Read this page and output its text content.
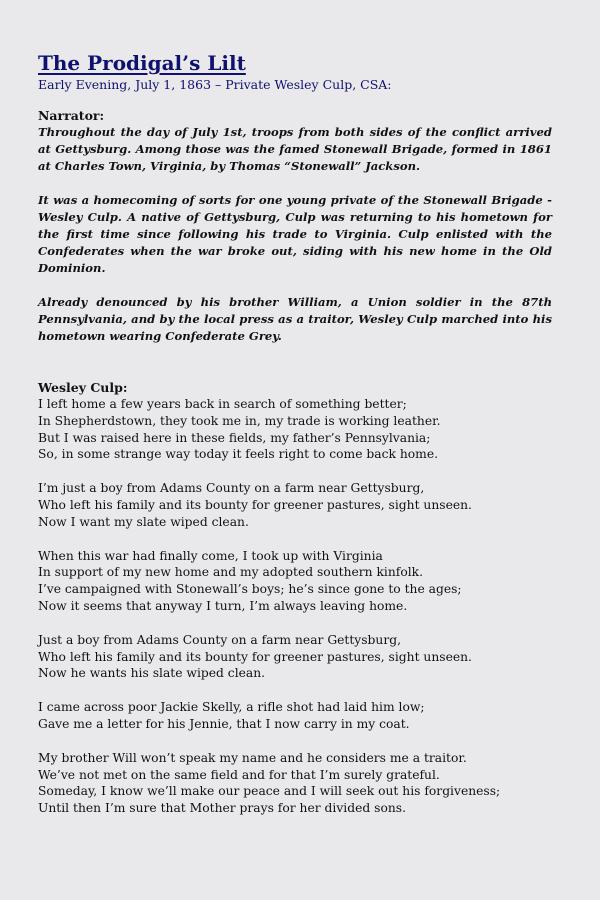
The Prodigal’s Lilt

Early Evening, July 1, 1863 – Private Wesley Culp, CSA:

Narrator:

Throughout the day of July 1st, troops from both sides of the conflict arrived at Gettysburg. Among those was the famed Stonewall Brigade, formed in 1861 at Charles Town, Virginia, by Thomas “Stonewall” Jackson.

It was a homecoming of sorts for one young private of the Stonewall Brigade - Wesley Culp. A native of Gettysburg, Culp was returning to his hometown for the first time since following his trade to Virginia. Culp enlisted with the Confederates when the war broke out, siding with his new home in the Old Dominion.

Already denounced by his brother William, a Union soldier in the 87th Pennsylvania, and by the local press as a traitor, Wesley Culp marched into his hometown wearing Confederate Grey.

Wesley Culp:

I left home a few years back in search of something better;
In Shepherdstown, they took me in, my trade is working leather.
But I was raised here in these fields, my father’s Pennsylvania;
So, in some strange way today it feels right to come back home.
I’m just a boy from Adams County on a farm near Gettysburg,
Who left his family and its bounty for greener pastures, sight unseen.
Now I want my slate wiped clean.
When this war had finally come, I took up with Virginia
In support of my new home and my adopted southern kinfolk.
I’ve campaigned with Stonewall’s boys; he’s since gone to the ages;
Now it seems that anyway I turn, I’m always leaving home.
Just a boy from Adams County on a farm near Gettysburg,
Who left his family and its bounty for greener pastures, sight unseen.
Now he wants his slate wiped clean.
I came across poor Jackie Skelly, a rifle shot had laid him low;
Gave me a letter for his Jennie, that I now carry in my coat.
My brother Will won’t speak my name and he considers me a traitor.
We’ve not met on the same field and for that I’m surely grateful.
Someday, I know we’ll make our peace and I will seek out his forgiveness;
Until then I’m sure that Mother prays for her divided sons.
